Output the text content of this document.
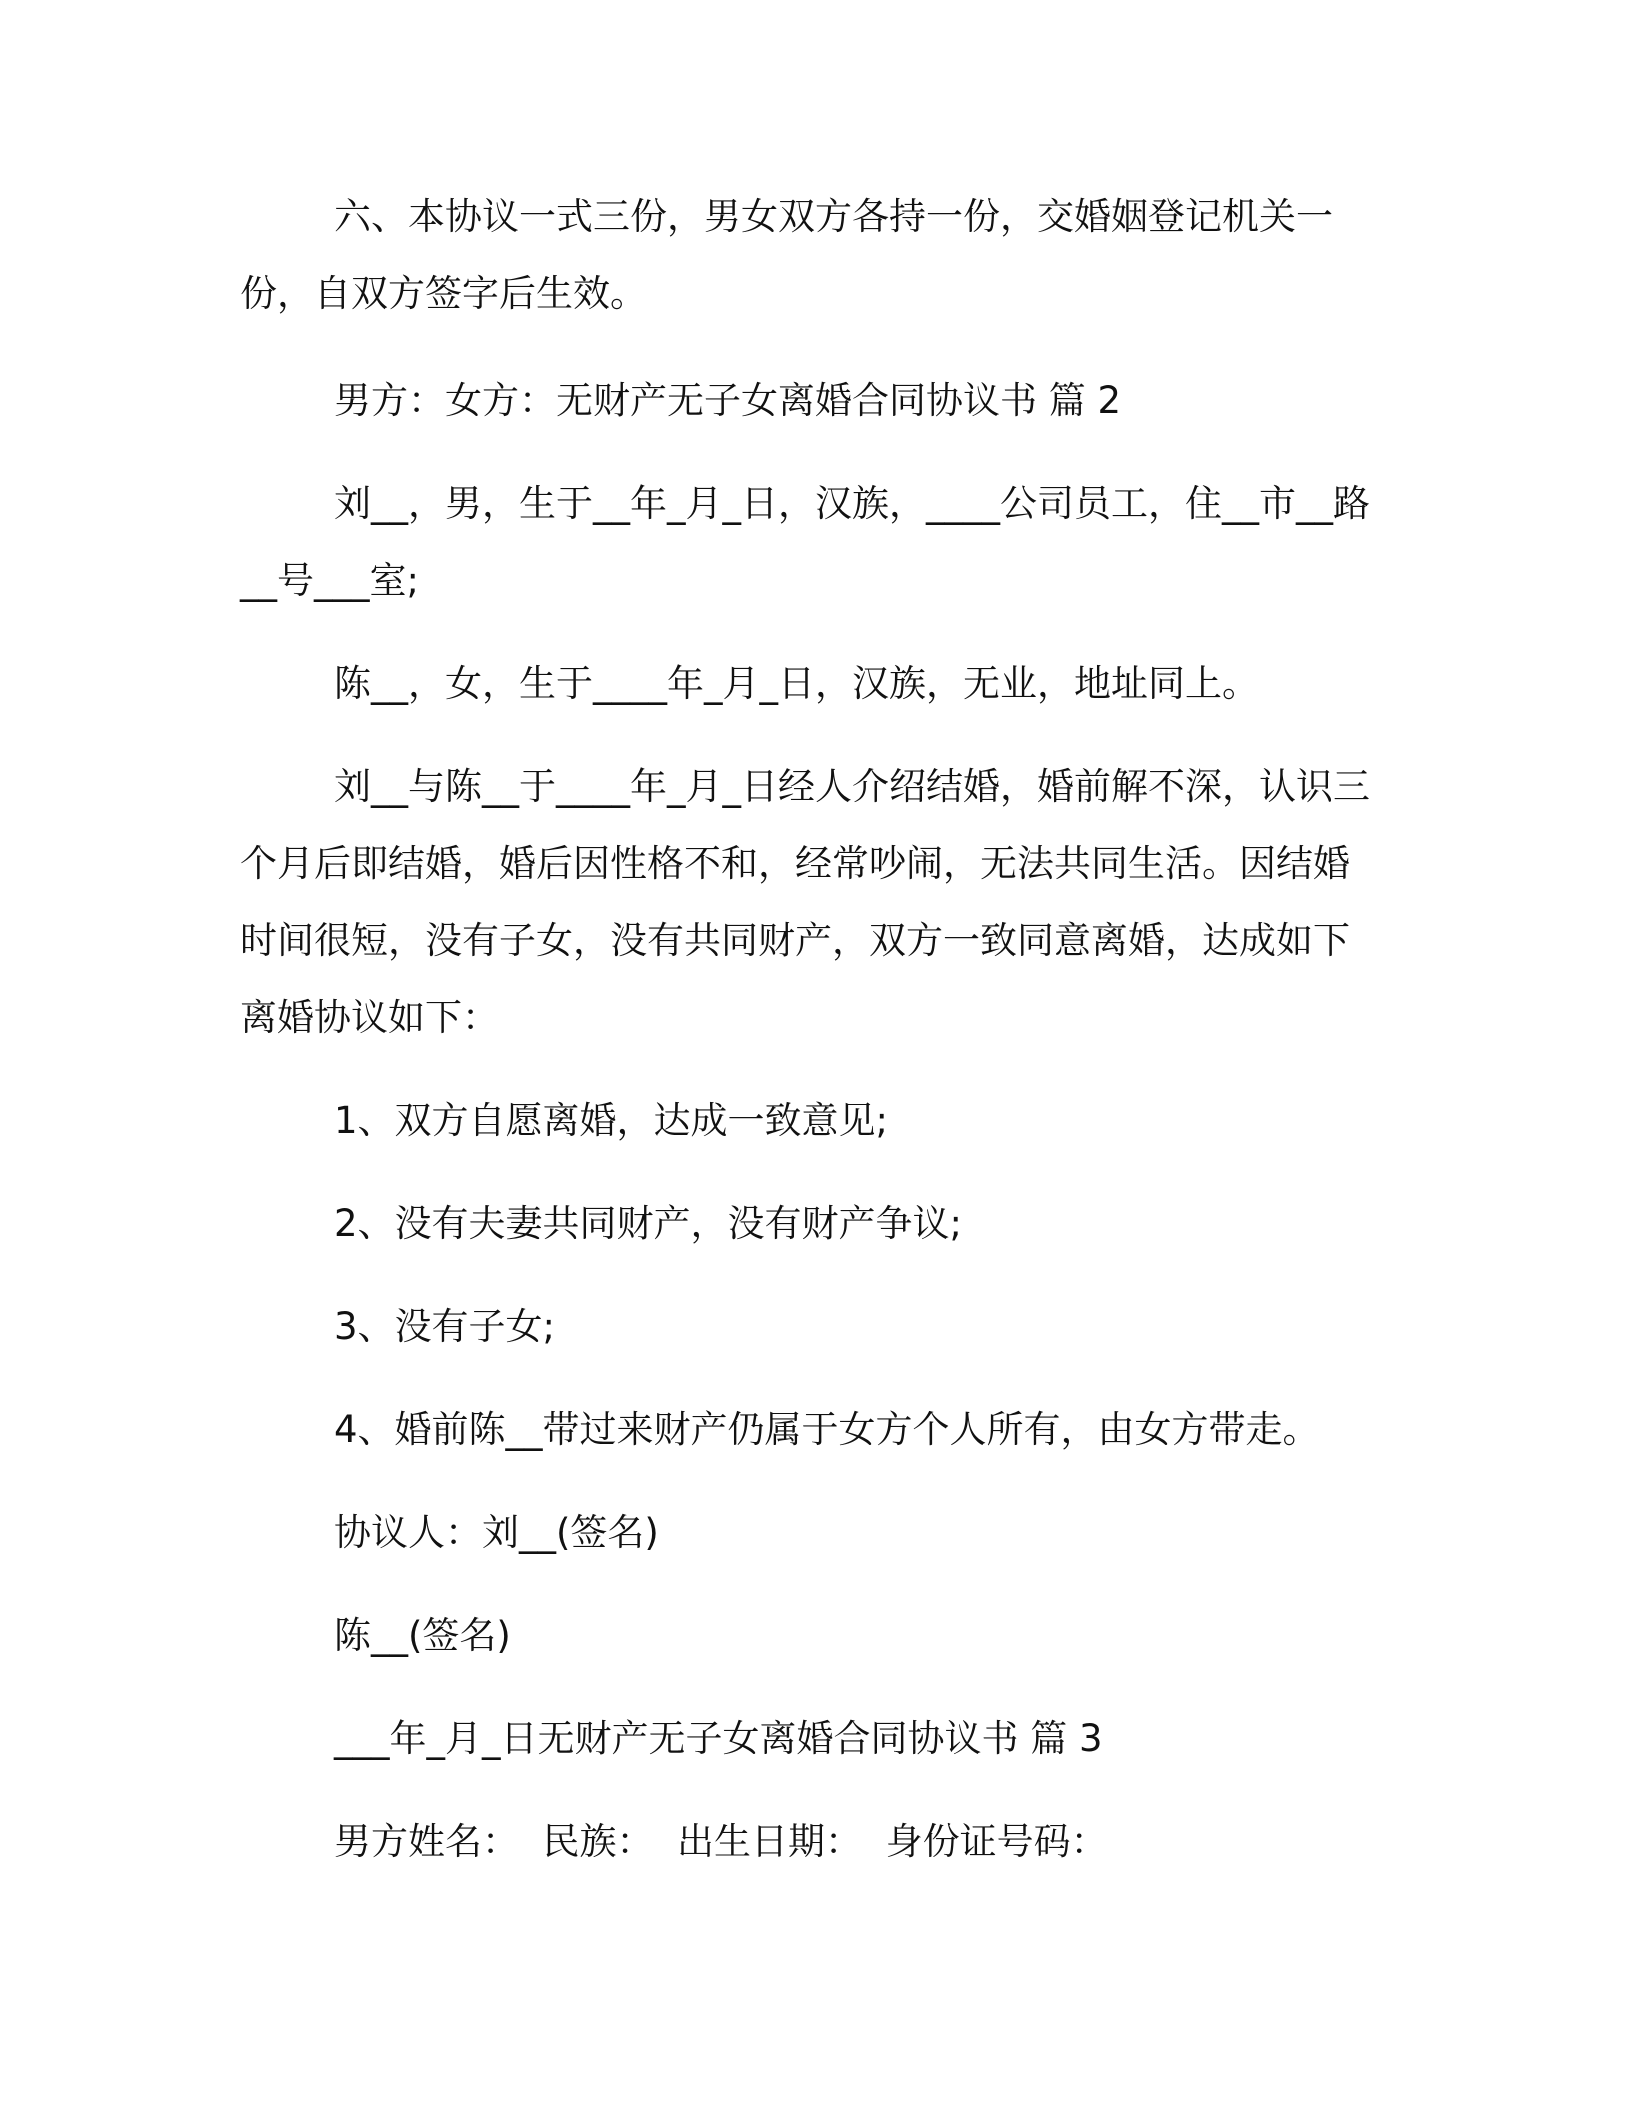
六、本协议一式三份，男女双方各持一份，交婚姻登记机关一份，自双方签字后生效。

男方：女方：无财产无子女离婚合同协议书 篇 2

刘__，男，生于__年_月_日，汉族，____公司员工，住__市__路__号___室;

陈__，女，生于____年_月_日，汉族，无业，地址同上。

刘__与陈__于____年_月_日经人介绍结婚，婚前解不深，认识三个月后即结婚，婚后因性格不和，经常吵闹，无法共同生活。因结婚时间很短，没有子女，没有共同财产，双方一致同意离婚，达成如下离婚协议如下：

1、双方自愿离婚，达成一致意见;

2、没有夫妻共同财产，没有财产争议;

3、没有子女;

4、婚前陈__带过来财产仍属于女方个人所有，由女方带走。

协议人：刘__(签名)

陈__(签名)

___年_月_日无财产无子女离婚合同协议书 篇 3

男方姓名：  民族：  出生日期：  身份证号码：
